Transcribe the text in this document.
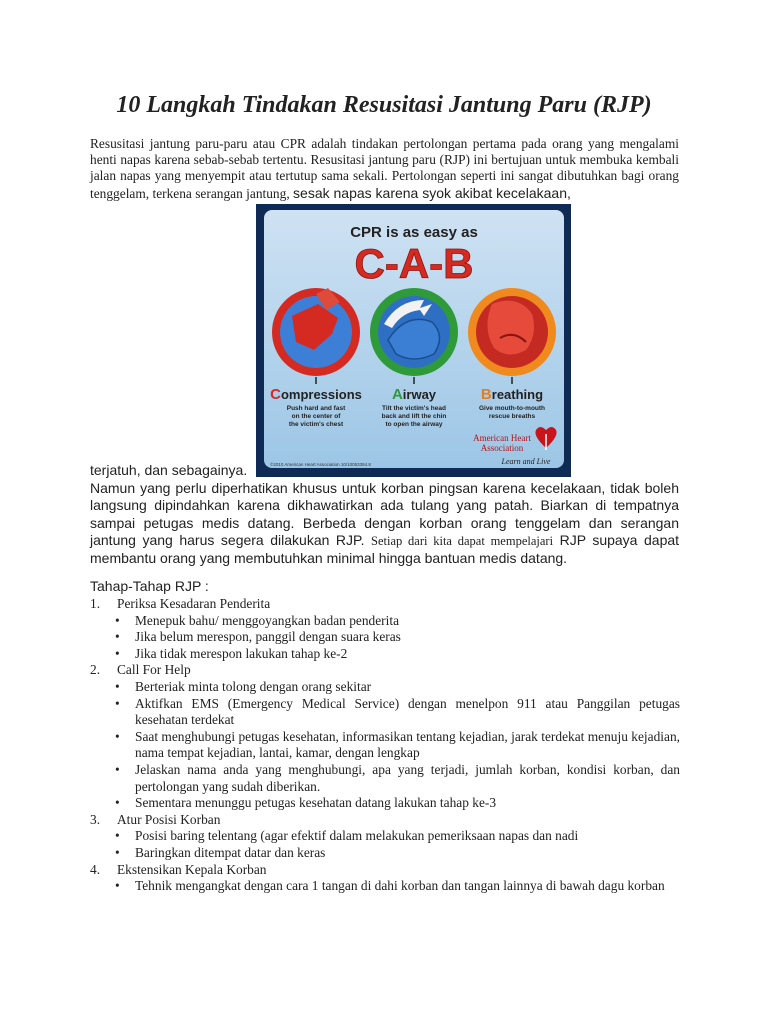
10 Langkah Tindakan Resusitasi Jantung Paru (RJP)
Resusitasi jantung paru-paru atau CPR adalah tindakan pertolongan pertama pada orang yang mengalami henti napas karena sebab-sebab tertentu. Resusitasi jantung paru (RJP) ini bertujuan untuk membuka kembali jalan napas yang menyempit atau tertutup sama sekali. Pertolongan seperti ini sangat dibutuhkan bagi orang tenggelam, terkena serangan jantung, sesak napas karena syok akibat kecelakaan,
CPR is as easy as
C-A-B
Compressions Airway	Breathing
Push hard and fast
on the center of
the victim's chest
Tilt the victim's head
back and lift the chin
to open the airway
Give mouth-to-mouth
rescue breaths
American Heart
Association
Learn and Live
©2010 American Heart Association 10/10053384.8
terjatuh, dan sebagainya.
Namun yang perlu diperhatikan khusus untuk korban pingsan karena kecelakaan, tidak boleh langsung dipindahkan karena dikhawatirkan ada tulang yang patah. Biarkan di tempatnya sampai petugas medis datang. Berbeda dengan korban orang tenggelam dan serangan jantung yang harus segera dilakukan RJP. Setiap dari kita dapat mempelajari RJP supaya dapat membantu orang yang membutuhkan minimal hingga bantuan medis datang.
Tahap-Tahap RJP :
1. Periksa Kesadaran Penderita
• Menepuk bahu/ menggoyangkan badan penderita
• Jika belum merespon, panggil dengan suara keras
• Jika tidak merespon lakukan tahap ke-2
2. Call For Help
• Berteriak minta tolong dengan orang sekitar
• Aktifkan EMS (Emergency Medical Service) dengan menelpon 911 atau Panggilan petugas kesehatan terdekat
• Saat menghubungi petugas kesehatan, informasikan tentang kejadian, jarak terdekat menuju kejadian, nama tempat kejadian, lantai, kamar, dengan lengkap
• Jelaskan nama anda yang menghubungi, apa yang terjadi, jumlah korban, kondisi korban, dan pertolongan yang sudah diberikan.
• Sementara menunggu petugas kesehatan datang lakukan tahap ke-3
3. Atur Posisi Korban
• Posisi baring telentang (agar efektif dalam melakukan pemeriksaan napas dan nadi
• Baringkan ditempat datar dan keras
4. Ekstensikan Kepala Korban
• Tehnik mengangkat dengan cara 1 tangan di dahi korban dan tangan lainnya di bawah dagu korban
